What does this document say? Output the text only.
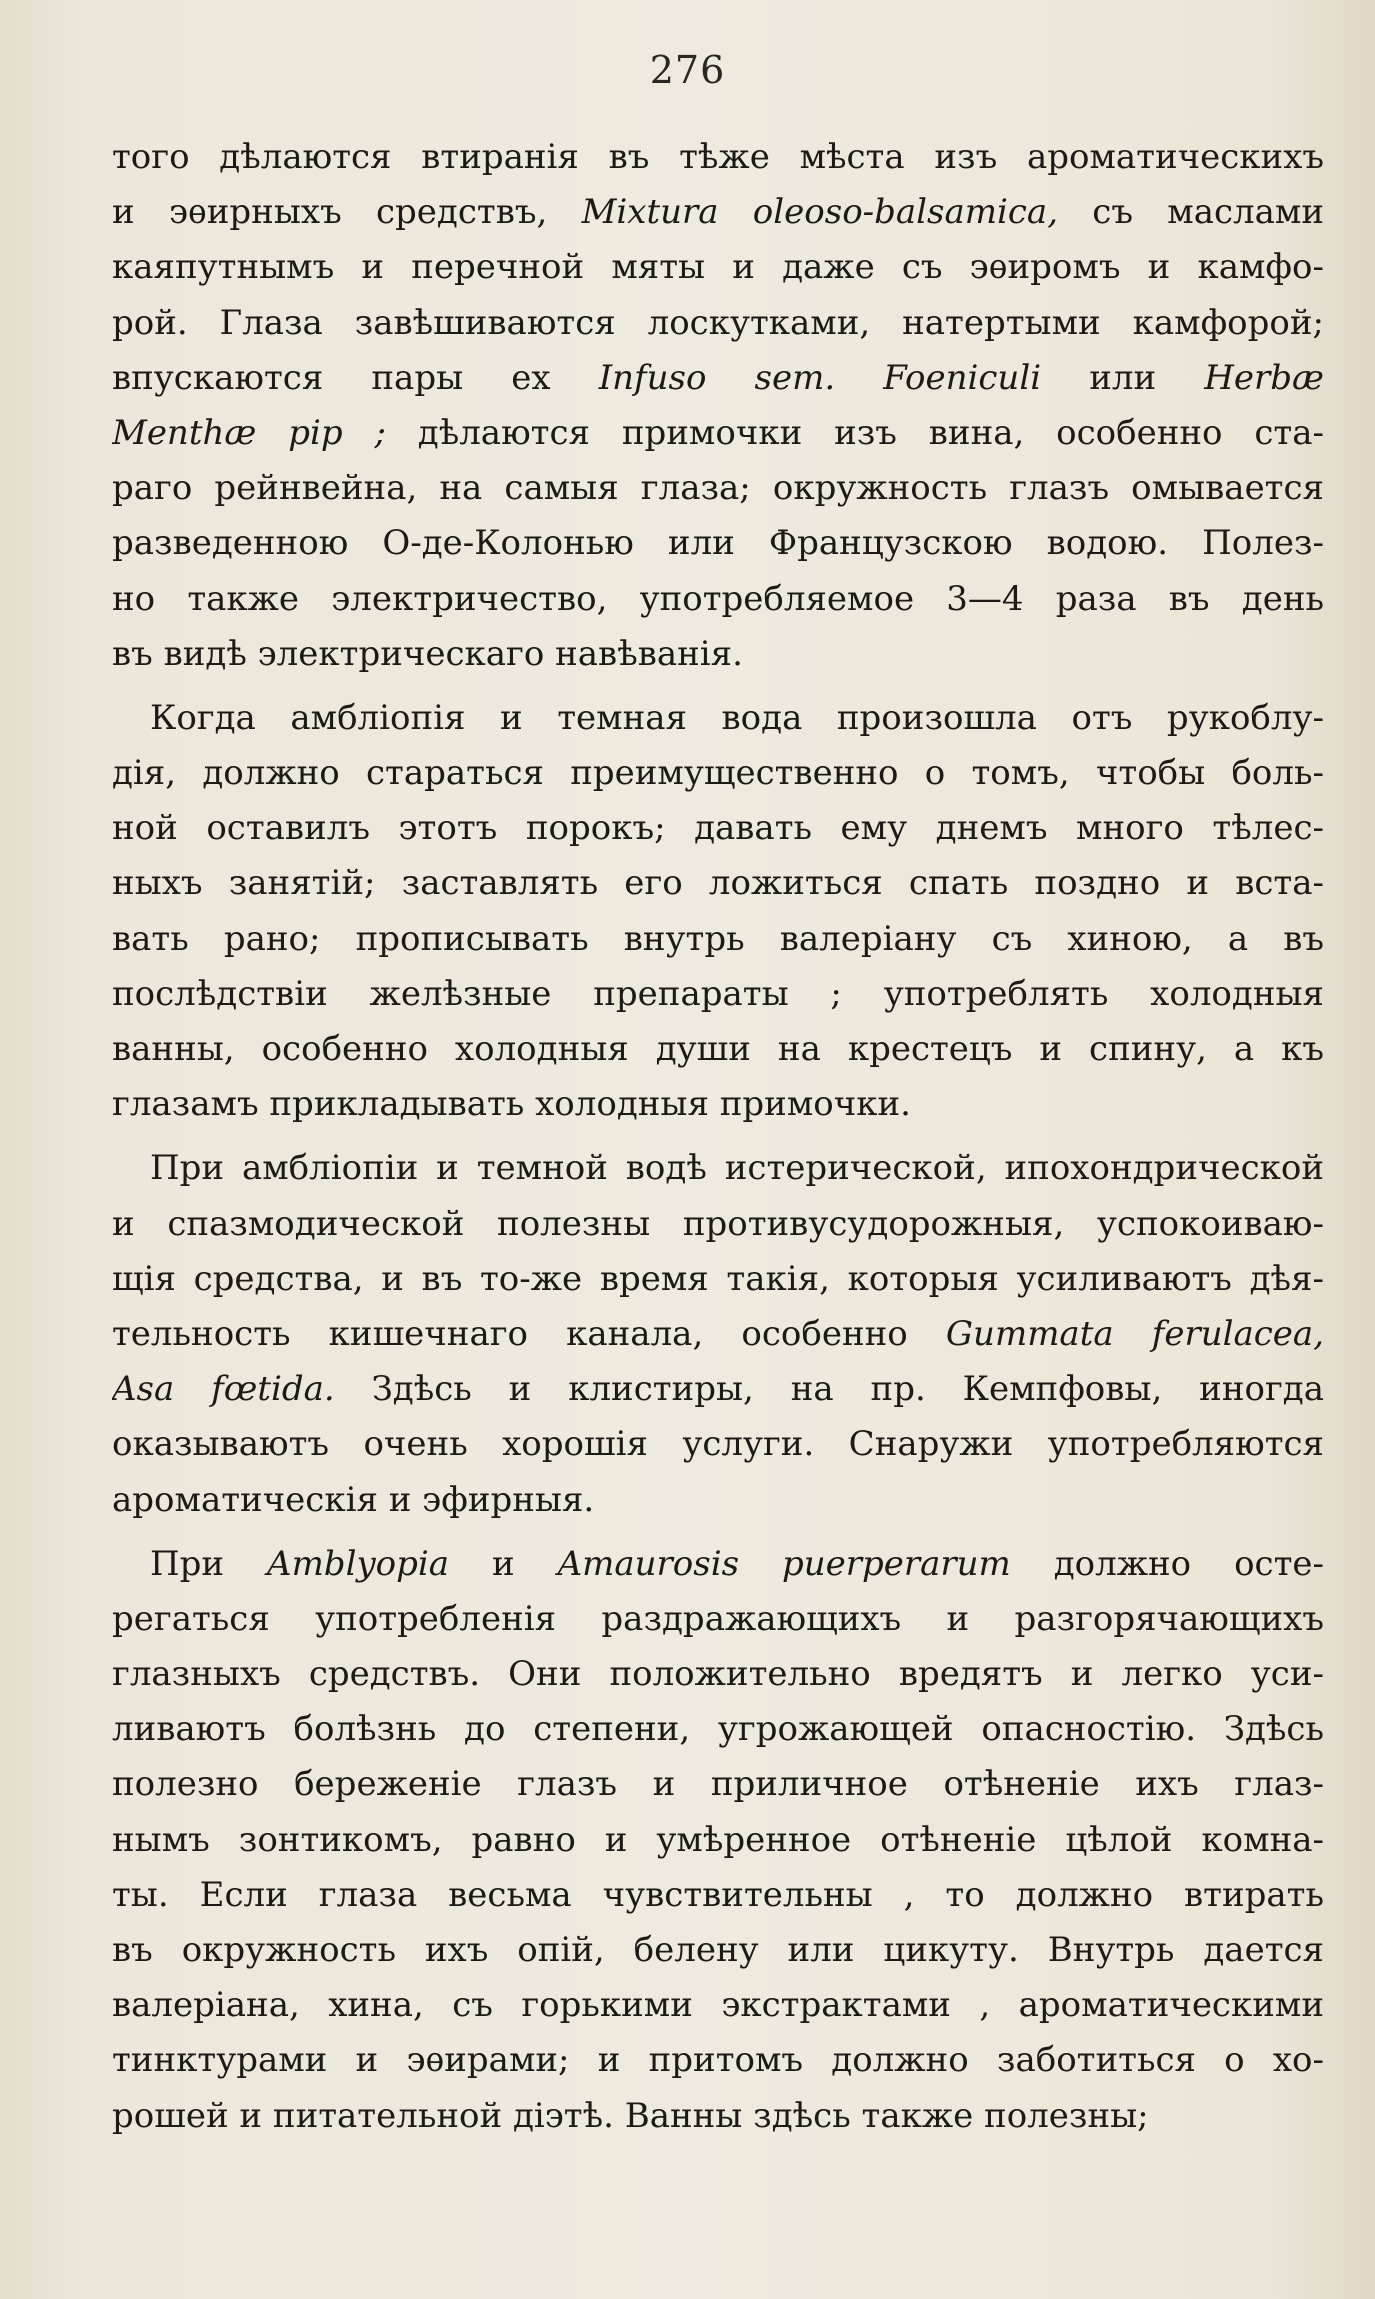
276
того дѣлаются втиранія въ тѣже мѣста изъ ароматическихъ
и эѳирныхъ средствъ, Mixtura oleoso-balsamica, съ маслами
каяпутнымъ и перечной мяты и даже съ эѳиромъ и камфо-
рой. Глаза завѣшиваются лоскутками, натертыми камфорой;
впускаются пары ex Infuso sem. Foeniculi или Herbæ
Menthæ pip ; дѣлаются примочки изъ вина, особенно ста-
раго рейнвейна, на самыя глаза; окружность глазъ омывается
разведенною О-де-Колонью или Французскою водою. Полез-
но также электричество, употребляемое 3—4 раза въ день
въ видѣ электрическаго навѣванія.
Когда амбліопія и темная вода произошла отъ рукоблу-
дія, должно стараться преимущественно о томъ, чтобы боль-
ной оставилъ этотъ порокъ; давать ему днемъ много тѣлес-
ныхъ занятій; заставлять его ложиться спать поздно и вста-
вать рано; прописывать внутрь валеріану съ хиною, а въ
послѣдствіи желѣзные препараты ; употреблять холодныя
ванны, особенно холодныя души на крестецъ и спину, а къ
глазамъ прикладывать холодныя примочки.
При амбліопіи и темной водѣ истерической, ипохондрической
и спазмодической полезны противусудорожныя, успокоиваю-
щія средства, и въ то-же время такія, которыя усиливаютъ дѣя-
тельность кишечнаго канала, особенно Gummata ferulacea,
Asa fœtida. Здѣсь и клистиры, на пр. Кемпфовы, иногда
оказываютъ очень хорошія услуги. Снаружи употребляются
ароматическія и эфирныя.
При Amblyopia и Amaurosis puerperarum должно осте-
регаться употребленія раздражающихъ и разгорячающихъ
глазныхъ средствъ. Они положительно вредятъ и легко уси-
ливаютъ болѣзнь до степени, угрожающей опасностію. Здѣсь
полезно береженіе глазъ и приличное отѣненіе ихъ глаз-
нымъ зонтикомъ, равно и умѣренное отѣненіе цѣлой комна-
ты. Если глаза весьма чувствительны , то должно втирать
въ окружность ихъ опій, белену или цикуту. Внутрь дается
валеріана, хина, съ горькими экстрактами , ароматическими
тинктурами и эѳирами; и притомъ должно заботиться о хо-
рошей и питательной діэтѣ. Ванны здѣсь также полезны;
